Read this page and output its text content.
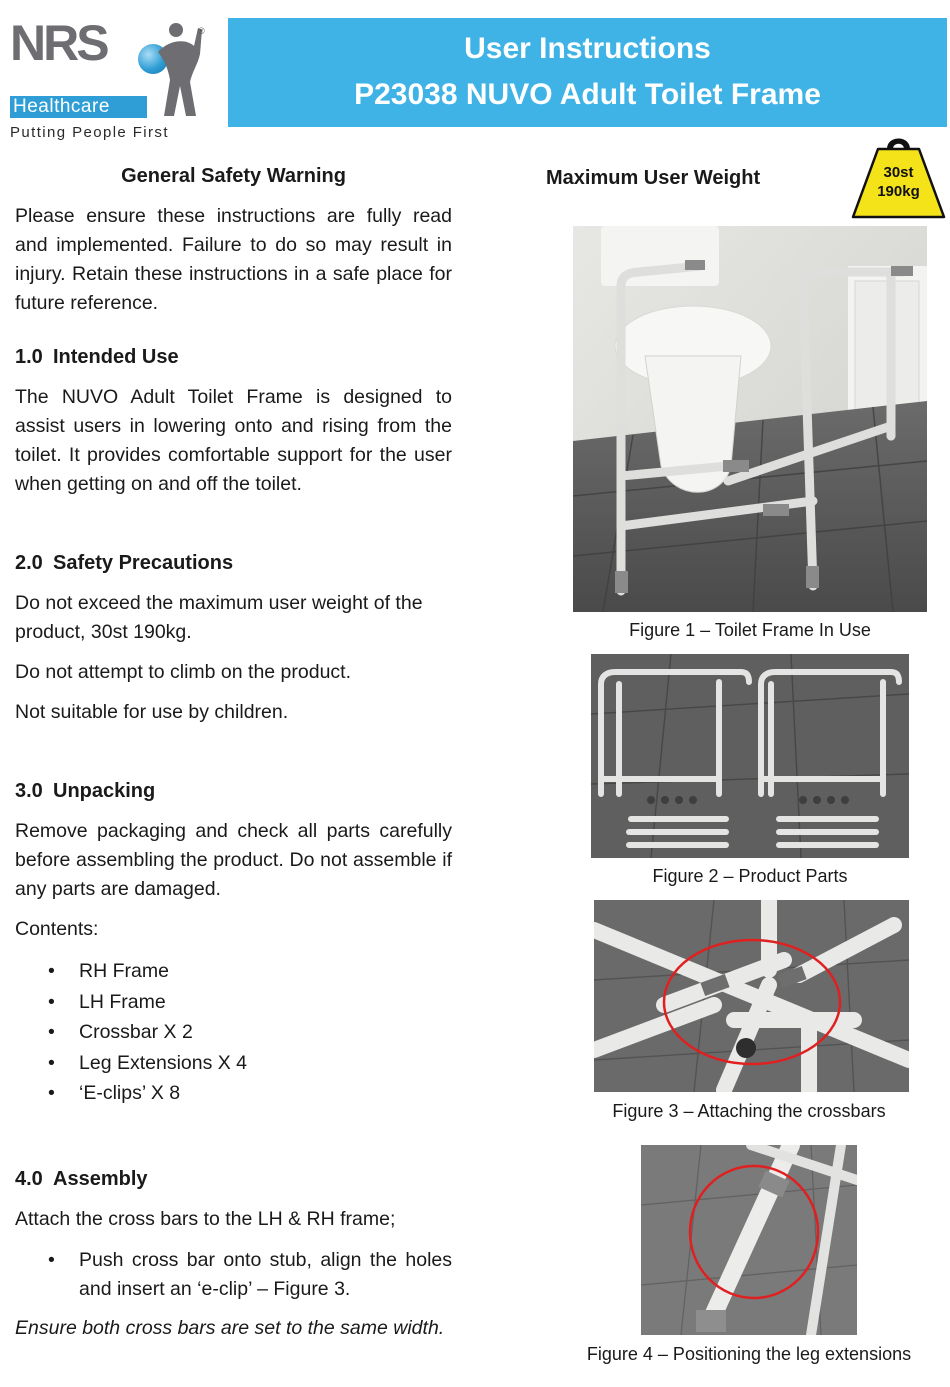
NRS	®
Healthcare
Putting People First
User Instructions
P23038 NUVO Adult Toilet Frame
General Safety Warning
Please ensure these instructions are fully read and implemented. Failure to do so may result in injury. Retain these instructions in a safe place for future reference.
1.0 Intended Use
The NUVO Adult Toilet Frame is designed to assist users in lowering onto and rising from the toilet. It provides comfortable support for the user when getting on and off the toilet.
2.0 Safety Precautions
Do not exceed the maximum user weight of the product, 30st 190kg.
Do not attempt to climb on the product.
Not suitable for use by children.
3.0 Unpacking
Remove packaging and check all parts carefully before assembling the product. Do not assemble if any parts are damaged.
Contents:
• RH Frame
• LH Frame
• Crossbar X 2
• Leg Extensions X 4
• ‘E-clips’ X 8
4.0 Assembly
Attach the cross bars to the LH & RH frame;
• Push cross bar onto stub, align the holes and insert an ‘e-clip’ – Figure 3.
Ensure both cross bars are set to the same width.
Maximum User Weight	30st
190kg
Figure 1 – Toilet Frame In Use
Figure 2 – Product Parts
Figure 3 – Attaching the crossbars
Figure 4 – Positioning the leg extensions
